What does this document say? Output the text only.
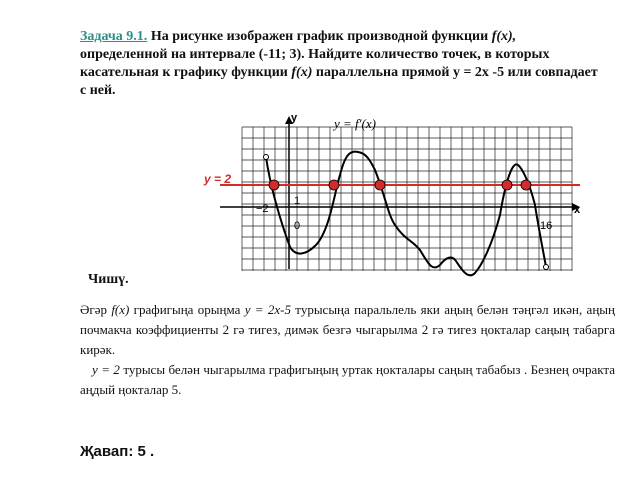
Задача 9.1. На рисунке изображен график производной функции f(x), определенной на интервале (-11; 3). Найдите количество точек, в которых касательная к графику функции f(x) параллельна прямой y = 2x -5 или совпадает с ней.
y
x
y = f′(x)
1
−2
0	16
y = 2
Чишү.

Әгәр f(x) графигыңа орыңма y = 2x-5 турысыңа паральлель яки аңың белән тәңгәл икән, аңың почмакча коэффициенты 2 гә тигез, димәк безгә чыгарылма 2 гә тигез ңокталар саңың табарга кирәк.

y = 2 турысы белән чыгарылма графигыңың уртак ңокталары саңың табабыз . Безнең очракта аңдый ңокталар 5.

Җавап: 5 .
